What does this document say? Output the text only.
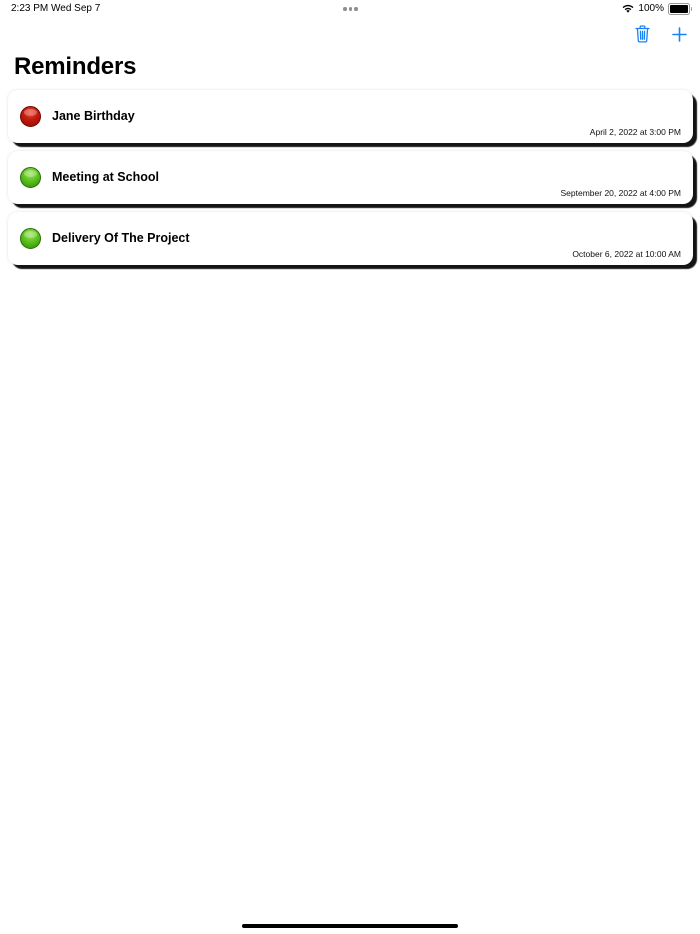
2:23 PM Wed Sep 7	100%
Reminders
Jane Birthday
April 2, 2022 at 3:00 PM
Meeting at School
September 20, 2022 at 4:00 PM
Delivery Of The Project
October 6, 2022 at 10:00 AM
